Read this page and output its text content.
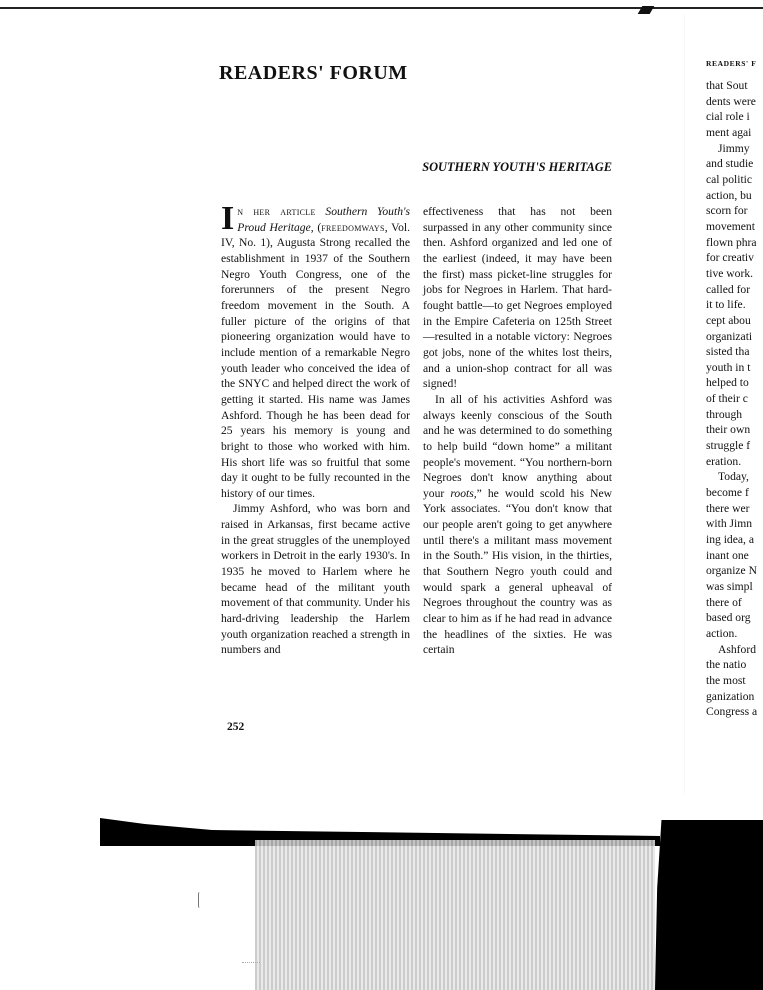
READERS' FORUM
SOUTHERN YOUTH'S HERITAGE

In her article Southern Youth's Proud Heritage, (freedomways, Vol. IV, No. 1), Augusta Strong recalled the establishment in 1937 of the Southern Negro Youth Congress, one of the forerunners of the present Negro freedom movement in the South. A fuller picture of the origins of that pioneering organization would have to include mention of a remarkable Negro youth leader who conceived the idea of the SNYC and helped direct the work of getting it started. His name was James Ashford. Though he has been dead for 25 years his memory is young and bright to those who worked with him. His short life was so fruitful that some day it ought to be fully recounted in the history of our times.

Jimmy Ashford, who was born and raised in Arkansas, first became active in the great struggles of the unemployed workers in Detroit in the early 1930's. In 1935 he moved to Harlem where he became head of the militant youth movement of that community. Under his hard-driving leadership the Harlem youth organization reached a strength in numbers and

effectiveness that has not been surpassed in any other community since then. Ashford organized and led one of the earliest (indeed, it may have been the first) mass picket-line struggles for jobs for Negroes in Harlem. That hard-fought battle—to get Negroes employed in the Empire Cafeteria on 125th Street—resulted in a notable victory: Negroes got jobs, none of the whites lost theirs, and a union-shop contract for all was signed!

In all of his activities Ashford was always keenly conscious of the South and he was determined to do something to help build “down home” a militant people's movement. “You northern-born Negroes don't know anything about your roots,” he would scold his New York associates. “You don't know that our people aren't going to get anywhere until there's a militant mass movement in the South.” His vision, in the thirties, that Southern Negro youth could and would spark a general upheaval of Negroes throughout the country was as clear to him as if he had read in advance the headlines of the sixties. He was certain

252
READERS' F
that Sout
dents were
cial role i
ment agai
Jimmy
and studie
cal politic
action, bu
scorn for
movement
flown phra
for creativ
tive work.
called for
it to life.
cept abou
organizati
sisted tha
youth in t
helped to
of their c
through
their own
struggle f
eration.
Today,
become f
there wer
with Jimn
ing idea, a
inant one
organize N
was simpl
there of
based org
action.
Ashford
the natio
the most
ganization
Congress a
